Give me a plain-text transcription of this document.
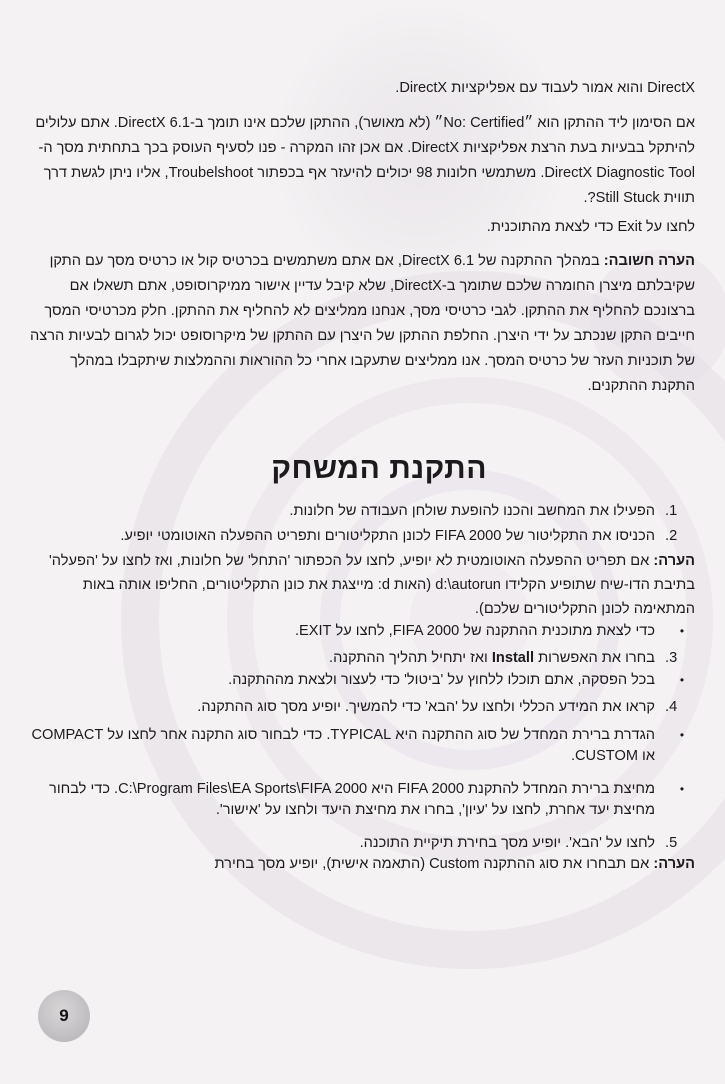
DirectX והוא אמור לעבוד עם אפליקציות DirectX.

אם הסימון ליד ההתקן הוא ״No: Certified״ (לא מאושר), ההתקן שלכם אינו תומך ב-DirectX 6.1. אתם עלולים להיתקל בבעיות בעת הרצת אפליקציות DirectX. אם אכן זהו המקרה - פנו לסעיף העוסק בכך בתחתית מסך ה-DirectX Diagnostic Tool. משתמשי חלונות 98 יכולים להיעזר אף בכפתור Troubelshoot, אליו ניתן לגשת דרך תווית Still Stuck?.

לחצו על Exit כדי לצאת מהתוכנית.

הערה חשובה: במהלך ההתקנה של DirectX 6.1, אם אתם משתמשים בכרטיס קול או כרטיס מסך עם התקן שקיבלתם מיצרן החומרה שלכם שתומך ב-DirectX, שלא קיבל עדיין אישור ממיקרוסופט, אתם תשאלו אם ברצונכם להחליף את ההתקן. לגבי כרטיסי מסך, אנחנו ממליצים לא להחליף את ההתקן. חלק מכרטיסי המסך חייבים התקן שנכתב על ידי היצרן. החלפת ההתקן של היצרן עם ההתקן של מיקרוסופט יכול לגרום לבעיות הרצה של תוכניות העזר של כרטיס המסך. אנו ממליצים שתעקבו אחרי כל ההוראות וההמלצות שיתקבלו במהלך התקנת ההתקנים.

התקנת המשחק
1.
הפעילו את המחשב והכנו להופעת שולחן העבודה של חלונות.
2.
הכניסו את התקליטור של FIFA 2000 לכונן התקליטורים ותפריט ההפעלה האוטומטי יופיע.

הערה: אם תפריט ההפעלה האוטומטית לא יופיע, לחצו על הכפתור 'התחל' של חלונות, ואז לחצו על 'הפעלה' בתיבת הדו-שיח שתופיע הקלידו d:\autorun (האות d: מייצגת את כונן התקליטורים, החליפו אותה באות המתאימה לכונן התקליטורים שלכם).

•
כדי לצאת מתוכנית ההתקנה של FIFA 2000, לחצו על EXIT.
3.
בחרו את האפשרות Install ואז יתחיל תהליך ההתקנה.
•
בכל הפסקה, אתם תוכלו ללחוץ על 'ביטול' כדי לעצור ולצאת מההתקנה.
4.
קראו את המידע הכללי ולחצו על 'הבא' כדי להמשיך. יופיע מסך סוג ההתקנה.
•
הגדרת ברירת המחדל של סוג ההתקנה היא TYPICAL. כדי לבחור סוג התקנה אחר לחצו על COMPACT או CUSTOM.
•
מחיצת ברירת המחדל להתקנת FIFA 2000 היא C:\Program Files\EA Sports\FIFA 2000. כדי לבחור מחיצת יעד אחרת, לחצו על 'עיון', בחרו את מחיצת היעד ולחצו על 'אישור'.
5.
לחצו על 'הבא'. יופיע מסך בחירת תיקיית התוכנה.

הערה: אם תבחרו את סוג ההתקנה Custom (התאמה אישית), יופיע מסך בחירת

9
